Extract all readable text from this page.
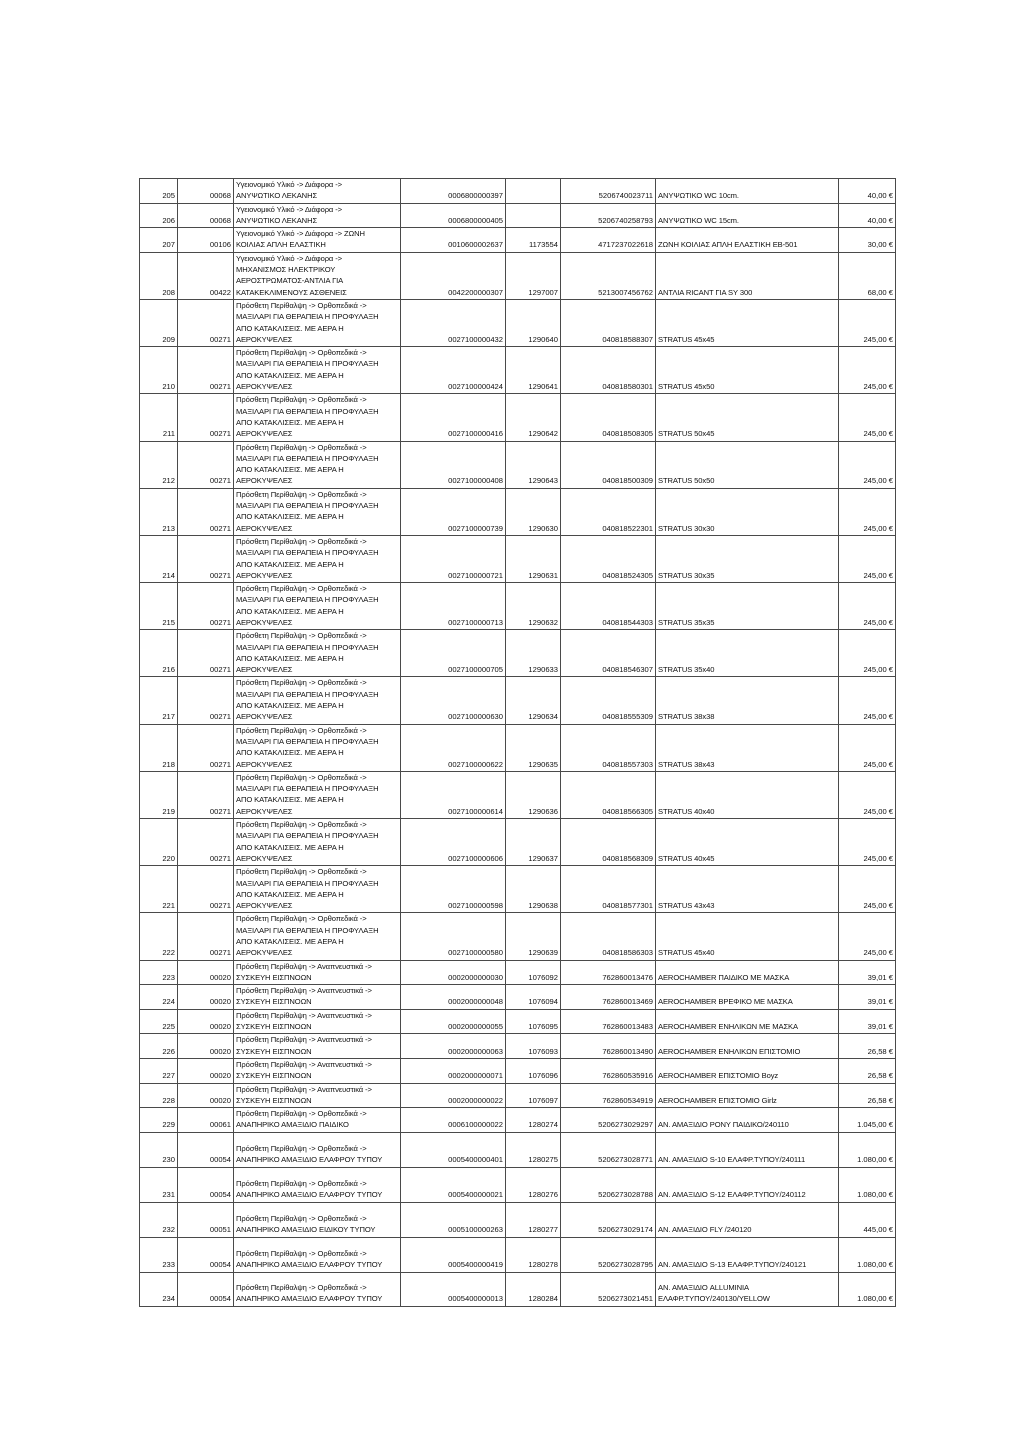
205	00068	Υγειονομικό Υλικό -> Διάφορα ->
ΑΝΥΨΩΤΙΚΟ ΛΕΚΑΝΗΣ	0006800000397		5206740023711	ΑΝΥΨΩΤΙΚΟ WC 10cm.	40,00 €
206	00068	Υγειονομικό Υλικό -> Διάφορα ->
ΑΝΥΨΩΤΙΚΟ ΛΕΚΑΝΗΣ	0006800000405		5206740258793	ΑΝΥΨΩΤΙΚΟ WC 15cm.	40,00 €
207	00106	Υγειονομικό Υλικό -> Διάφορα -> ΖΩΝΗ
ΚΟΙΛΙΑΣ ΑΠΛΗ ΕΛΑΣΤΙΚΗ	0010600002637	1173554	4717237022618	ΖΩΝΗ ΚΟΙΛΙΑΣ ΑΠΛΗ ΕΛΑΣΤΙΚΗ EB-501	30,00 €
208	00422	Υγειονομικό Υλικό -> Διάφορα ->
ΜΗΧΑΝΙΣΜΟΣ ΗΛΕΚΤΡΙΚΟΥ
ΑΕΡΟΣΤΡΩΜΑΤΟΣ-ΑΝΤΛΙΑ ΓΙΑ
ΚΑΤΑΚΕΚΛΙΜΕΝΟΥΣ ΑΣΘΕΝΕΙΣ	0042200000307	1297007	5213007456762	ΑΝΤΛΙΑ RICANT ΓΙΑ SY 300	68,00 €
209	00271	Πρόσθετη Περίθαλψη -> Ορθοπεδικά ->
ΜΑΞΙΛΑΡΙ ΓΙΑ ΘΕΡΑΠΕΙΑ Η ΠΡΟΦΥΛΑΞΗ
ΑΠΟ ΚΑΤΑΚΛΙΣΕΙΣ. ΜΕ ΑΕΡΑ Η
ΑΕΡΟΚΥΨΕΛΕΣ	0027100000432	1290640	040818588307	STRATUS 45x45	245,00 €
210	00271	Πρόσθετη Περίθαλψη -> Ορθοπεδικά ->
ΜΑΞΙΛΑΡΙ ΓΙΑ ΘΕΡΑΠΕΙΑ Η ΠΡΟΦΥΛΑΞΗ
ΑΠΟ ΚΑΤΑΚΛΙΣΕΙΣ. ΜΕ ΑΕΡΑ Η
ΑΕΡΟΚΥΨΕΛΕΣ	0027100000424	1290641	040818580301	STRATUS 45x50	245,00 €
211	00271	Πρόσθετη Περίθαλψη -> Ορθοπεδικά ->
ΜΑΞΙΛΑΡΙ ΓΙΑ ΘΕΡΑΠΕΙΑ Η ΠΡΟΦΥΛΑΞΗ
ΑΠΟ ΚΑΤΑΚΛΙΣΕΙΣ. ΜΕ ΑΕΡΑ Η
ΑΕΡΟΚΥΨΕΛΕΣ	0027100000416	1290642	040818508305	STRATUS 50x45	245,00 €
212	00271	Πρόσθετη Περίθαλψη -> Ορθοπεδικά ->
ΜΑΞΙΛΑΡΙ ΓΙΑ ΘΕΡΑΠΕΙΑ Η ΠΡΟΦΥΛΑΞΗ
ΑΠΟ ΚΑΤΑΚΛΙΣΕΙΣ. ΜΕ ΑΕΡΑ Η
ΑΕΡΟΚΥΨΕΛΕΣ	0027100000408	1290643	040818500309	STRATUS 50x50	245,00 €
213	00271	Πρόσθετη Περίθαλψη -> Ορθοπεδικά ->
ΜΑΞΙΛΑΡΙ ΓΙΑ ΘΕΡΑΠΕΙΑ Η ΠΡΟΦΥΛΑΞΗ
ΑΠΟ ΚΑΤΑΚΛΙΣΕΙΣ. ΜΕ ΑΕΡΑ Η
ΑΕΡΟΚΥΨΕΛΕΣ	0027100000739	1290630	040818522301	STRATUS 30x30	245,00 €
214	00271	Πρόσθετη Περίθαλψη -> Ορθοπεδικά ->
ΜΑΞΙΛΑΡΙ ΓΙΑ ΘΕΡΑΠΕΙΑ Η ΠΡΟΦΥΛΑΞΗ
ΑΠΟ ΚΑΤΑΚΛΙΣΕΙΣ. ΜΕ ΑΕΡΑ Η
ΑΕΡΟΚΥΨΕΛΕΣ	0027100000721	1290631	040818524305	STRATUS 30x35	245,00 €
215	00271	Πρόσθετη Περίθαλψη -> Ορθοπεδικά ->
ΜΑΞΙΛΑΡΙ ΓΙΑ ΘΕΡΑΠΕΙΑ Η ΠΡΟΦΥΛΑΞΗ
ΑΠΟ ΚΑΤΑΚΛΙΣΕΙΣ. ΜΕ ΑΕΡΑ Η
ΑΕΡΟΚΥΨΕΛΕΣ	0027100000713	1290632	040818544303	STRATUS 35x35	245,00 €
216	00271	Πρόσθετη Περίθαλψη -> Ορθοπεδικά ->
ΜΑΞΙΛΑΡΙ ΓΙΑ ΘΕΡΑΠΕΙΑ Η ΠΡΟΦΥΛΑΞΗ
ΑΠΟ ΚΑΤΑΚΛΙΣΕΙΣ. ΜΕ ΑΕΡΑ Η
ΑΕΡΟΚΥΨΕΛΕΣ	0027100000705	1290633	040818546307	STRATUS 35x40	245,00 €
217	00271	Πρόσθετη Περίθαλψη -> Ορθοπεδικά ->
ΜΑΞΙΛΑΡΙ ΓΙΑ ΘΕΡΑΠΕΙΑ Η ΠΡΟΦΥΛΑΞΗ
ΑΠΟ ΚΑΤΑΚΛΙΣΕΙΣ. ΜΕ ΑΕΡΑ Η
ΑΕΡΟΚΥΨΕΛΕΣ	0027100000630	1290634	040818555309	STRATUS 38x38	245,00 €
218	00271	Πρόσθετη Περίθαλψη -> Ορθοπεδικά ->
ΜΑΞΙΛΑΡΙ ΓΙΑ ΘΕΡΑΠΕΙΑ Η ΠΡΟΦΥΛΑΞΗ
ΑΠΟ ΚΑΤΑΚΛΙΣΕΙΣ. ΜΕ ΑΕΡΑ Η
ΑΕΡΟΚΥΨΕΛΕΣ	0027100000622	1290635	040818557303	STRATUS 38x43	245,00 €
219	00271	Πρόσθετη Περίθαλψη -> Ορθοπεδικά ->
ΜΑΞΙΛΑΡΙ ΓΙΑ ΘΕΡΑΠΕΙΑ Η ΠΡΟΦΥΛΑΞΗ
ΑΠΟ ΚΑΤΑΚΛΙΣΕΙΣ. ΜΕ ΑΕΡΑ Η
ΑΕΡΟΚΥΨΕΛΕΣ	0027100000614	1290636	040818566305	STRATUS 40x40	245,00 €
220	00271	Πρόσθετη Περίθαλψη -> Ορθοπεδικά ->
ΜΑΞΙΛΑΡΙ ΓΙΑ ΘΕΡΑΠΕΙΑ Η ΠΡΟΦΥΛΑΞΗ
ΑΠΟ ΚΑΤΑΚΛΙΣΕΙΣ. ΜΕ ΑΕΡΑ Η
ΑΕΡΟΚΥΨΕΛΕΣ	0027100000606	1290637	040818568309	STRATUS 40x45	245,00 €
221	00271	Πρόσθετη Περίθαλψη -> Ορθοπεδικά ->
ΜΑΞΙΛΑΡΙ ΓΙΑ ΘΕΡΑΠΕΙΑ Η ΠΡΟΦΥΛΑΞΗ
ΑΠΟ ΚΑΤΑΚΛΙΣΕΙΣ. ΜΕ ΑΕΡΑ Η
ΑΕΡΟΚΥΨΕΛΕΣ	0027100000598	1290638	040818577301	STRATUS 43x43	245,00 €
222	00271	Πρόσθετη Περίθαλψη -> Ορθοπεδικά ->
ΜΑΞΙΛΑΡΙ ΓΙΑ ΘΕΡΑΠΕΙΑ Η ΠΡΟΦΥΛΑΞΗ
ΑΠΟ ΚΑΤΑΚΛΙΣΕΙΣ. ΜΕ ΑΕΡΑ Η
ΑΕΡΟΚΥΨΕΛΕΣ	0027100000580	1290639	040818586303	STRATUS 45x40	245,00 €
223	00020	Πρόσθετη Περίθαλψη -> Αναπνευστικά ->
ΣΥΣΚΕΥΗ ΕΙΣΠΝΟΩΝ	0002000000030	1076092	762860013476	AEROCHAMBER ΠΑΙΔΙΚΟ ΜΕ ΜΑΣΚΑ	39,01 €
224	00020	Πρόσθετη Περίθαλψη -> Αναπνευστικά ->
ΣΥΣΚΕΥΗ ΕΙΣΠΝΟΩΝ	0002000000048	1076094	762860013469	AEROCHAMBER ΒΡΕΦΙΚΟ ΜΕ ΜΑΣΚΑ	39,01 €
225	00020	Πρόσθετη Περίθαλψη -> Αναπνευστικά ->
ΣΥΣΚΕΥΗ ΕΙΣΠΝΟΩΝ	0002000000055	1076095	762860013483	AEROCHAMBER ΕΝΗΛΙΚΩΝ ΜΕ ΜΑΣΚΑ	39,01 €
226	00020	Πρόσθετη Περίθαλψη -> Αναπνευστικά ->
ΣΥΣΚΕΥΗ ΕΙΣΠΝΟΩΝ	0002000000063	1076093	762860013490	AEROCHAMBER ΕΝΗΛΙΚΩΝ ΕΠΙΣΤΟΜΙΟ	26,58 €
227	00020	Πρόσθετη Περίθαλψη -> Αναπνευστικά ->
ΣΥΣΚΕΥΗ ΕΙΣΠΝΟΩΝ	0002000000071	1076096	762860535916	AEROCHAMBER ΕΠΙΣΤΟΜΙΟ Boyz	26,58 €
228	00020	Πρόσθετη Περίθαλψη -> Αναπνευστικά ->
ΣΥΣΚΕΥΗ ΕΙΣΠΝΟΩΝ	0002000000022	1076097	762860534919	AEROCHAMBER ΕΠΙΣΤΟΜΙΟ Girlz	26,58 €
229	00061	Πρόσθετη Περίθαλψη -> Ορθοπεδικά ->
ΑΝΑΠΗΡΙΚΟ ΑΜΑΞΙΔΙΟ ΠΑΙΔΙΚΟ	0006100000022	1280274	5206273029297	ΑΝ. ΑΜΑΞΙΔΙΟ PONY ΠΑΙΔΙΚΟ/240110	1.045,00 €
230	00054	Πρόσθετη Περίθαλψη -> Ορθοπεδικά ->
ΑΝΑΠΗΡΙΚΟ ΑΜΑΞΙΔΙΟ ΕΛΑΦΡΟΥ ΤΥΠΟΥ	0005400000401	1280275	5206273028771	ΑΝ. ΑΜΑΞΙΔΙΟ S-10 ΕΛΑΦΡ.ΤΥΠΟΥ/240111	1.080,00 €
231	00054	Πρόσθετη Περίθαλψη -> Ορθοπεδικά ->
ΑΝΑΠΗΡΙΚΟ ΑΜΑΞΙΔΙΟ ΕΛΑΦΡΟΥ ΤΥΠΟΥ	0005400000021	1280276	5206273028788	ΑΝ. ΑΜΑΞΙΔΙΟ S-12 ΕΛΑΦΡ.ΤΥΠΟΥ/240112	1.080,00 €
232	00051	Πρόσθετη Περίθαλψη -> Ορθοπεδικά ->
ΑΝΑΠΗΡΙΚΟ ΑΜΑΞΙΔΙΟ ΕΙΔΙΚΟΥ ΤΥΠΟΥ	0005100000263	1280277	5206273029174	ΑΝ. ΑΜΑΞΙΔΙΟ FLY /240120	445,00 €
233	00054	Πρόσθετη Περίθαλψη -> Ορθοπεδικά ->
ΑΝΑΠΗΡΙΚΟ ΑΜΑΞΙΔΙΟ ΕΛΑΦΡΟΥ ΤΥΠΟΥ	0005400000419	1280278	5206273028795	ΑΝ. ΑΜΑΞΙΔΙΟ S-13 ΕΛΑΦΡ.ΤΥΠΟΥ/240121	1.080,00 €
234	00054	Πρόσθετη Περίθαλψη -> Ορθοπεδικά ->
ΑΝΑΠΗΡΙΚΟ ΑΜΑΞΙΔΙΟ ΕΛΑΦΡΟΥ ΤΥΠΟΥ	0005400000013	1280284	5206273021451	ΑΝ. ΑΜΑΞΙΔΙΟ ALLUMINIA
ΕΛΑΦΡ.ΤΥΠΟΥ/240130/YELLOW	1.080,00 €
